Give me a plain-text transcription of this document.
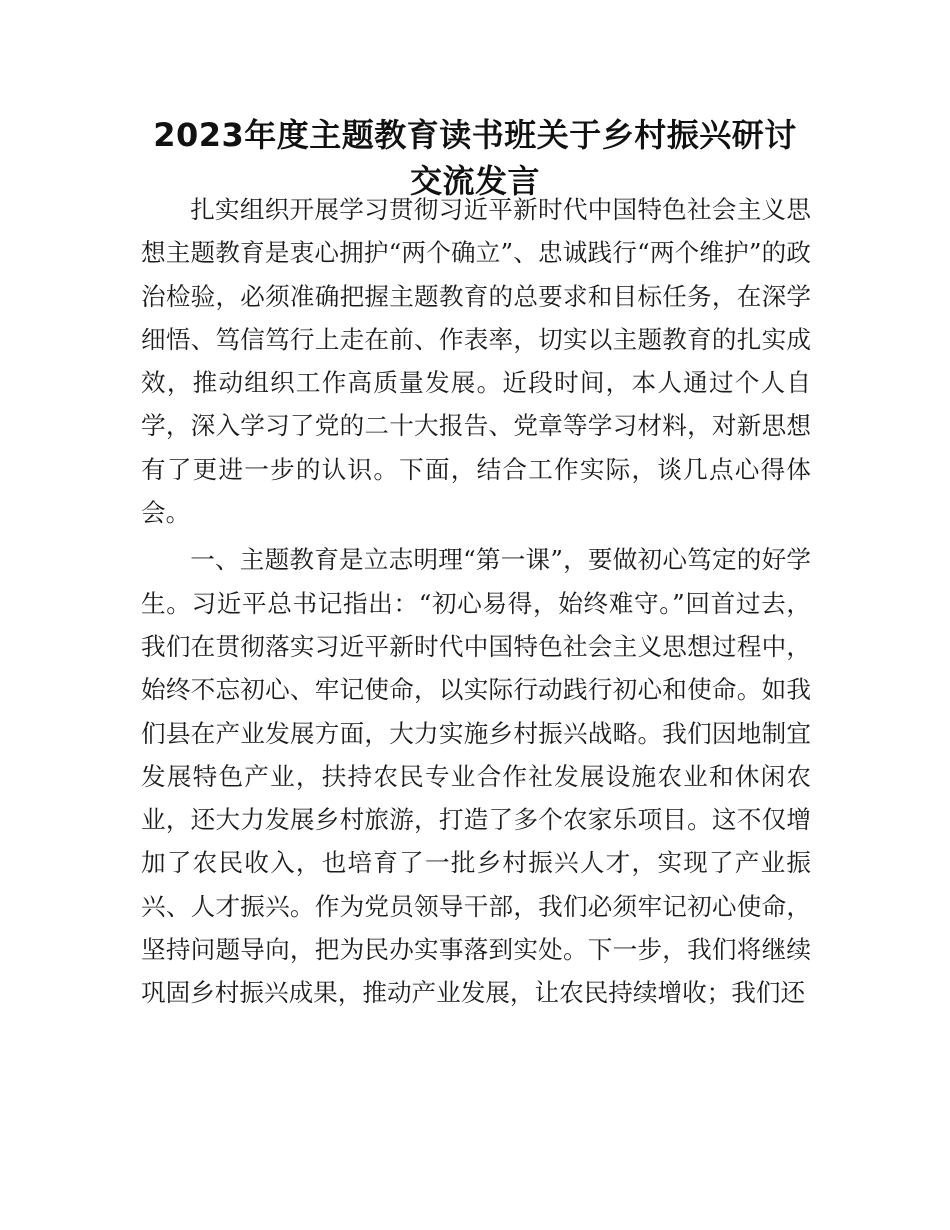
2023年度主题教育读书班关于乡村振兴研讨交流发言

扎实组织开展学习贯彻习近平新时代中国特色社会主义思想主题教育是衷心拥护“两个确立”、忠诚践行“两个维护”的政治检验，必须准确把握主题教育的总要求和目标任务，在深学细悟、笃信笃行上走在前、作表率，切实以主题教育的扎实成效，推动组织工作高质量发展。近段时间，本人通过个人自学，深入学习了党的二十大报告、党章等学习材料，对新思想有了更进一步的认识。下面，结合工作实际，谈几点心得体会。

一、主题教育是立志明理“第一课”，要做初心笃定的好学生。习近平总书记指出：“初心易得，始终难守。”回首过去，我们在贯彻落实习近平新时代中国特色社会主义思想过程中，始终不忘初心、牢记使命，以实际行动践行初心和使命。如我们县在产业发展方面，大力实施乡村振兴战略。我们因地制宜发展特色产业，扶持农民专业合作社发展设施农业和休闲农业，还大力发展乡村旅游，打造了多个农家乐项目。这不仅增加了农民收入，也培育了一批乡村振兴人才，实现了产业振兴、人才振兴。作为党员领导干部，我们必须牢记初心使命，坚持问题导向，把为民办实事落到实处。下一步，我们将继续巩固乡村振兴成果，推动产业发展，让农民持续增收；我们还
